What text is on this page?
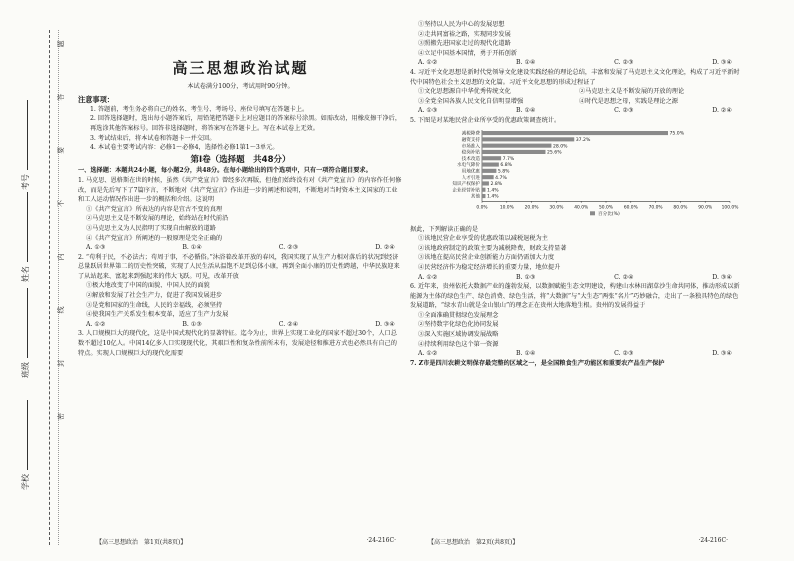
考号
姓名
班级
学校
密 封 线 内 不 要 答 题	高三思想政治试题
本试卷满分100分，考试用时90分钟。
注意事项：

1. 答题前，考生务必将自己的姓名、考生号、考场号、座位号填写在答题卡上。

2. 回答选择题时，选出每小题答案后，用铅笔把答题卡上对应题目的答案标号涂黑。如需改动，用橡皮擦干净后，再选涂其他答案标号。回答非选择题时，将答案写在答题卡上。写在本试卷上无效。

3. 考试结束后，将本试卷和答题卡一并交回。

4. 本试卷主要考试内容：必修1～必修4，选择性必修1第1～3单元。

第Ⅰ卷（选择题　共48分）
一、选择题：本题共24小题，每小题2分，共48分。在每小题给出的四个选项中，只有一项符合题目要求。
1. 马克思、恩格斯在世的时候，虽然《共产党宣言》曾经多次再版，但他们始终没有对《共产党宣言》的内容作任何修改，而是先后写下了7篇序言，不断地对《共产党宣言》作出进一步的阐述和说明，不断地对当时资本主义国家的工业和工人运动情况作出进一步的概括和介绍。这说明
①《共产党宣言》所表达的内容是宜古不变的真理
②马克思主义是不断发展的理论，始终站在时代前沿
③马克思主义为人民指明了实现自由解放的道路
④《共产党宣言》所阐述的一般原理是完全正确的
A. ①③	B. ①④	C. ②③	D. ②④
2. “苟利于民，不必法古；苟周于事，不必循俗。”沐浴着改革开放的春风，我国实现了从生产力相对落后的状况到经济总量跃居世界第二的历史性突破，实现了人民生活从温饱不足到总体小康，再到全面小康的历史性跨越，中华民族迎来了从站起来、富起来到强起来的伟大飞跃。可见，改革开放
①极大地改变了中国的面貌、中国人民的面貌
②解放和发展了社会生产力，促进了我国发展进步
③是党和国家的生命线，人民的幸福线，必须坚持
④使我国生产关系发生根本变革，适应了生产力发展
A. ①②	B. ①③	C. ②④	D. ③④
3. 人口规模巨大的现代化，这是中国式现代化的显著特征。迄今为止，世界上实现工业化的国家不超过30个，人口总数不超过10亿人。中国14亿多人口实现现代化，其艰巨性和复杂性前所未有，发展途径和推进方式也必然具有自己的特点。实现人口规模巨大的现代化需要
①坚持以人民为中心的发展思想
②走共同富裕之路，实现同步发展
③照搬先进国家走过的现代化道路
④立足中国基本国情，勇于开拓创新
A. ①②	B. ①④	C. ②③	D. ③④
4. 习近平文化思想是新时代党领导文化建设实践经验的理论总结，丰富和发展了马克思主义文化理论，构成了习近平新时代中国特色社会主义思想的文化篇。习近平文化思想的形成过程证了
①文化思想源自中华优秀传统文化	②马克思主义是不断发展的开放的理论
③全党全国各族人民文化自信明显增强	④时代是思想之母，实践是理论之源
A. ①③	B. ①④	C. ②③	D. ②④
5. 下图是对某地民营企业所享受的优惠政策调查统计。
减税降费	75.0%
融资支持	37.2%
市场准入	28.0%
稳岗补贴	25.6%
技术改造	7.7%
水电气降价	6.8%
用地优惠	5.8%
人才引进	4.7%
知识产权保护 2.8%
企业经营补贴 1.4%
其他 1.4%
0.0%	10.0% 20.0% 30.0% 40.0% 50.0% 60.0% 70.0% 80.0% 90.0% 100.0%
百分比(%)
据此，下列解读正确的是
①该地民营企业享受的优惠政策以减税退税为主
②该地政府制定的政策主要为减税降费，财政支持显著
③该地在提高民营企业创新能力方面仍需加大力度
④民营经济作为稳定经济增长的重要力量，地位提升
A. ①②	B. ①③	C. ②④	D. ③④
6. 近年来，贵州依托大数据产业的蓬勃发展，以数据赋能生态文明建设，构建山水林田湖草沙生命共同体，推动形成以新能源为主体的绿色生产、绿色消费、绿色生活，将“大数据”与“大生态”两张“名片”巧妙融合，走出了一条独具特色的绿色发展道路，“绿水青山就是金山银山”的理念正在贵州大地落地生根。贵州的发展得益于
①全面准确贯彻绿色发展理念
②坚持数字化绿色化协同发展
③深入实施区域协调发展战略
④持续利用绿色这个第一资源
A. ①②	B. ①④	C. ②③	D. ③④
7. Z市是四川农耕文明保存最完整的区域之一，是全国粮食生产功能区和重要农产品生产保护
【高三思想政治　第1页(共8页)】	·24-216C·	【高三思想政治　第2页(共8页)】	·24-216C·
